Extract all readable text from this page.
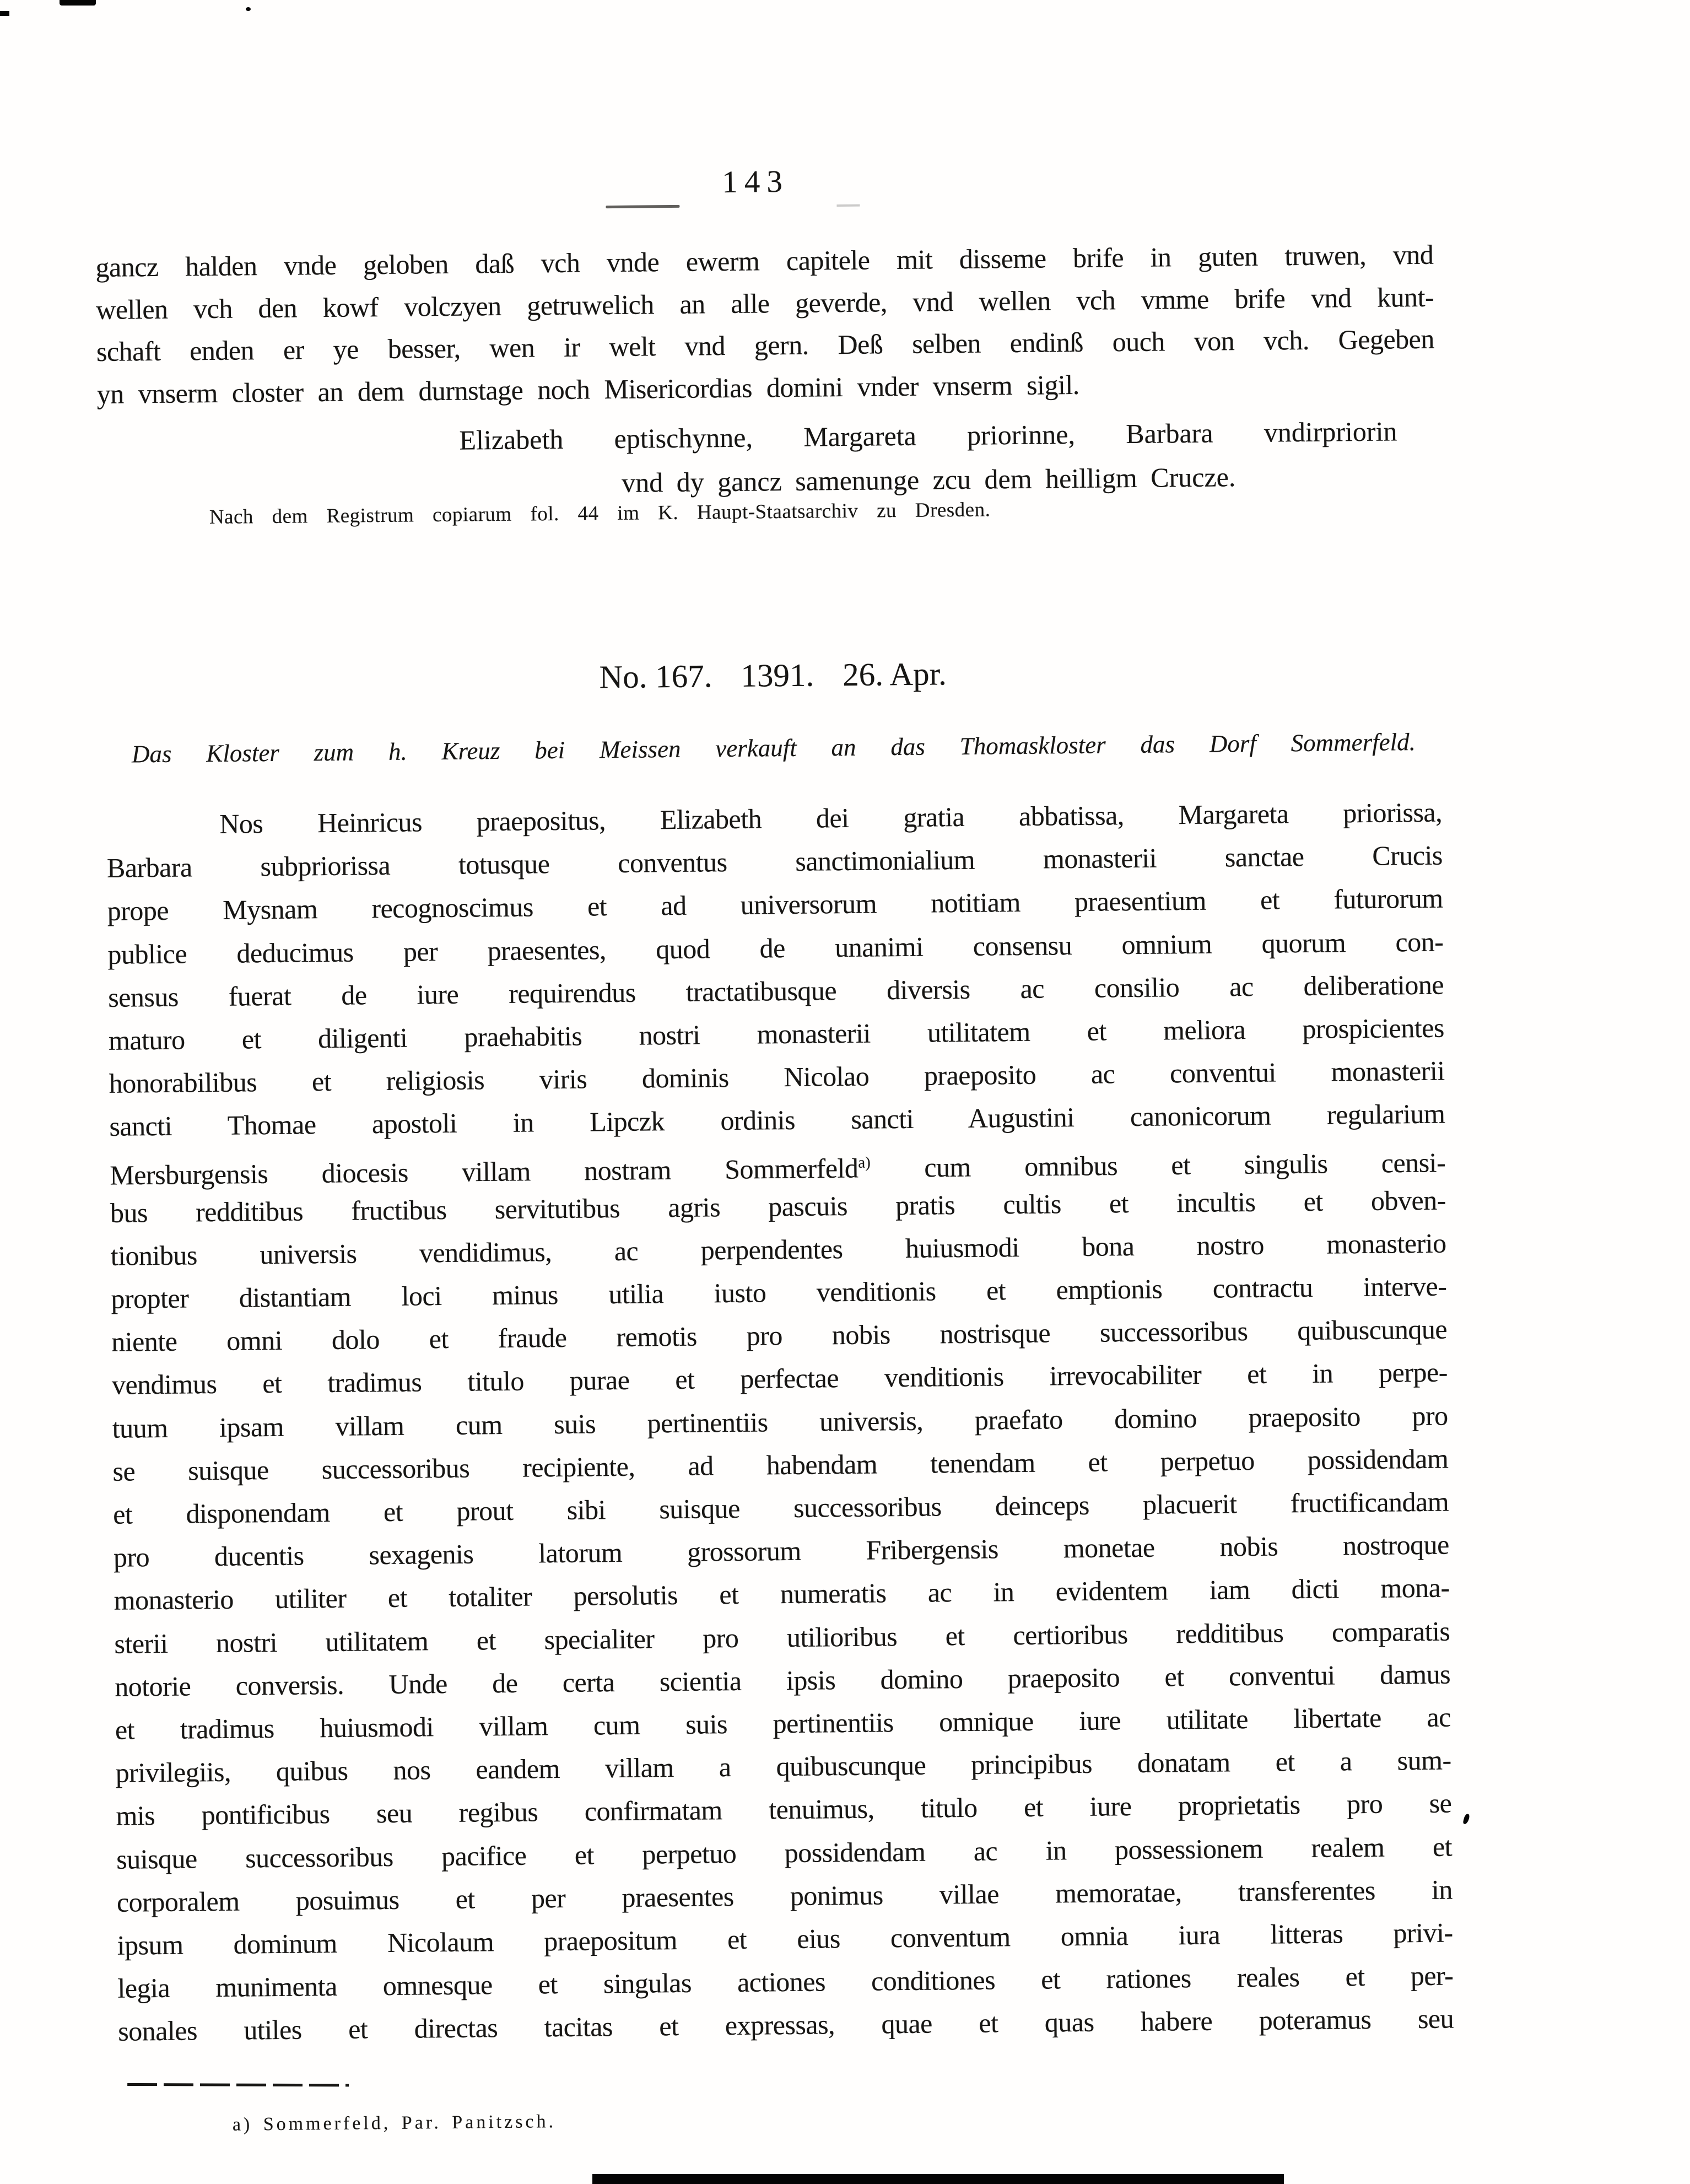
143
gancz halden vnde geloben daß vch vnde ewerm capitele mit disseme brife in guten truwen, vnd
wellen vch den kowf volczyen getruwelich an alle geverde, vnd wellen vch vmme brife vnd kunt-
schaft enden er ye besser, wen ir welt vnd gern. Deß selben endinß ouch von vch. Gegeben
yn vnserm closter an dem durnstage noch Misericordias domini vnder vnserm sigil.
Elizabeth eptischynne, Margareta priorinne, Barbara vndirpriorin
vnd dy gancz samenunge zcu dem heilligm Crucze.
Nach dem Registrum copiarum fol. 44 im K. Haupt-Staatsarchiv zu Dresden.
No. 167. 1391. 26. Apr.
Das Kloster zum h. Kreuz bei Meissen verkauft an das Thomaskloster das Dorf Sommerfeld.
Nos Heinricus praepositus, Elizabeth dei gratia abbatissa, Margareta priorissa,
Barbara subpriorissa totusque conventus sanctimonialium monasterii sanctae Crucis
prope Mysnam recognoscimus et ad universorum notitiam praesentium et futurorum
publice deducimus per praesentes, quod de unanimi consensu omnium quorum con-
sensus fuerat de iure requirendus tractatibusque diversis ac consilio ac deliberatione
maturo et diligenti praehabitis nostri monasterii utilitatem et meliora prospicientes
honorabilibus et religiosis viris dominis Nicolao praeposito ac conventui monasterii
sancti Thomae apostoli in Lipczk ordinis sancti Augustini canonicorum regularium
Mersburgensis diocesis villam nostram Sommerfeld$^{a)}$ cum omnibus et singulis censi-
bus redditibus fructibus servitutibus agris pascuis pratis cultis et incultis et obven-
tionibus universis vendidimus, ac perpendentes huiusmodi bona nostro monasterio
propter distantiam loci minus utilia iusto venditionis et emptionis contractu interve-
niente omni dolo et fraude remotis pro nobis nostrisque successoribus quibuscunque
vendimus et tradimus titulo purae et perfectae venditionis irrevocabiliter et in perpe-
tuum ipsam villam cum suis pertinentiis universis, praefato domino praeposito pro
se suisque successoribus recipiente, ad habendam tenendam et perpetuo possidendam
et disponendam et prout sibi suisque successoribus deinceps placuerit fructificandam
pro ducentis sexagenis latorum grossorum Fribergensis monetae nobis nostroque
monasterio utiliter et totaliter persolutis et numeratis ac in evidentem iam dicti mona-
sterii nostri utilitatem et specialiter pro utilioribus et certioribus redditibus comparatis
notorie conversis. Unde de certa scientia ipsis domino praeposito et conventui damus
et tradimus huiusmodi villam cum suis pertinentiis omnique iure utilitate libertate ac
privilegiis, quibus nos eandem villam a quibuscunque principibus donatam et a sum-
mis pontificibus seu regibus confirmatam tenuimus, titulo et iure proprietatis pro se
suisque successoribus pacifice et perpetuo possidendam ac in possessionem realem et
corporalem posuimus et per praesentes ponimus villae memoratae, transferentes in
ipsum dominum Nicolaum praepositum et eius conventum omnia iura litteras privi-
legia munimenta omnesque et singulas actiones conditiones et rationes reales et per-
sonales utiles et directas tacitas et expressas, quae et quas habere poteramus seu
a) Sommerfeld, Par. Panitzsch.
